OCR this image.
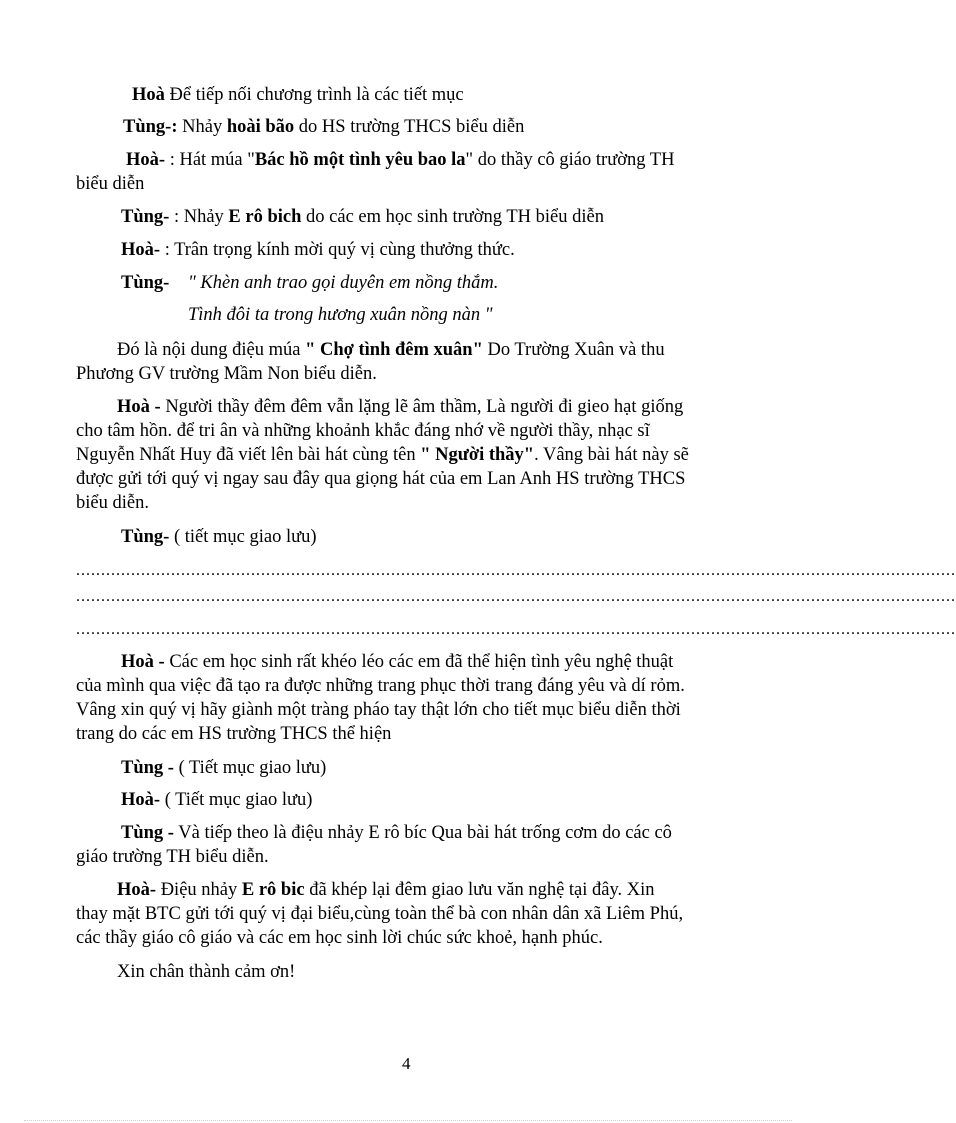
Hoà Để tiếp nối chương trình là các tiết mục
Tùng-: Nhảy hoài bão do HS trường THCS biểu diễn
Hoà- : Hát múa "Bác hồ một tình yêu bao la" do thầy cô giáo trường TH
biểu diễn
Tùng- : Nhảy E rô bich do các em học sinh trường TH biểu diễn
Hoà- : Trân trọng kính mời quý vị cùng thưởng thức.
Tùng- " Khèn anh trao gọi duyên em nồng thắm.
Tình đôi ta trong hương xuân nồng nàn "
Đó là nội dung điệu múa " Chợ tình đêm xuân" Do Trường Xuân và thu
Phương GV trường Mầm Non biểu diễn.
Hoà - Người thầy đêm đêm vẫn lặng lẽ âm thầm, Là người đi gieo hạt giống
cho tâm hồn. để tri ân và những khoảnh khắc đáng nhớ về người thầy, nhạc sĩ
Nguyễn Nhất Huy đã viết lên bài hát cùng tên " Người thầy". Vâng bài hát này sẽ
được gửi tới quý vị ngay sau đây qua giọng hát của em Lan Anh HS trường THCS
biểu diễn.
Tùng- ( tiết mục giao lưu)
................................................................................................................................................................................
................................................................................................................................................................................
................................................................................................................................................................................
Hoà - Các em học sinh rất khéo léo các em đã thể hiện tình yêu nghệ thuật
của mình qua việc đã tạo ra được những trang phục thời trang đáng yêu và dí rỏm.
Vâng xin quý vị hãy giành một tràng pháo tay thật lớn cho tiết mục biểu diễn thời
trang do các em HS trường THCS thể hiện
Tùng - ( Tiết mục giao lưu)
Hoà- ( Tiết mục giao lưu)
Tùng - Và tiếp theo là điệu nhảy E rô bíc Qua bài hát trống cơm do các cô
giáo trường TH biểu diễn.
Hoà- Điệu nhảy E rô bic đã khép lại đêm giao lưu văn nghệ tại đây. Xin
thay mặt BTC gửi tới quý vị đại biểu,cùng toàn thể bà con nhân dân xã Liêm Phú,
các thầy giáo cô giáo và các em học sinh lời chúc sức khoẻ, hạnh phúc.
Xin chân thành cảm ơn!
4
